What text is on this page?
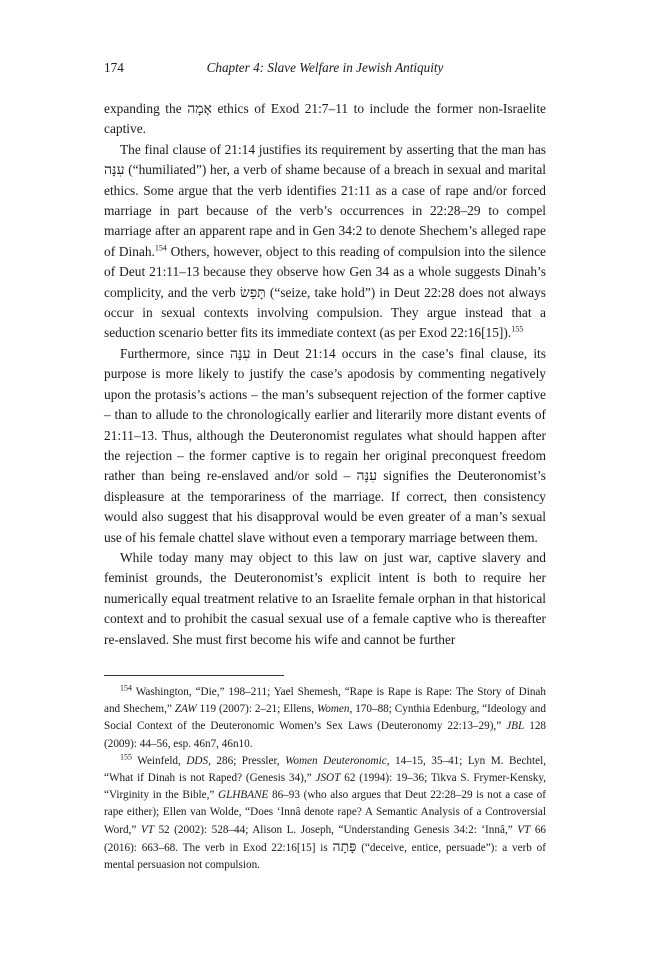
174	Chapter 4: Slave Welfare in Jewish Antiquity

expanding the אָמָה ethics of Exod 21:7–11 to include the former non-Israelite captive.

The final clause of 21:14 justifies its requirement by asserting that the man has עִנָּה (“humiliated”) her, a verb of shame because of a breach in sexual and marital ethics. Some argue that the verb identifies 21:11 as a case of rape and/or forced marriage in part because of the verb’s occurrences in 22:28–29 to compel marriage after an apparent rape and in Gen 34:2 to denote Shechem’s alleged rape of Dinah.$^{154}$ Others, however, object to this reading of compulsion into the silence of Deut 21:11–13 because they observe how Gen 34 as a whole suggests Dinah’s complicity, and the verb תָּפַשׂ (“seize, take hold”) in Deut 22:28 does not always occur in sexual contexts involving compulsion. They argue instead that a seduction scenario better fits its immediate context (as per Exod 22:16[15]).$^{155}$

Furthermore, since עִנָּה in Deut 21:14 occurs in the case’s final clause, its purpose is more likely to justify the case’s apodosis by commenting negatively upon the protasis’s actions – the man’s subsequent rejection of the former captive – than to allude to the chronologically earlier and literarily more distant events of 21:11–13. Thus, although the Deuteronomist regulates what should happen after the rejection – the former captive is to regain her original preconquest freedom rather than being re-enslaved and/or sold – עִנָּה signifies the Deuteronomist’s displeasure at the temporariness of the marriage. If correct, then consistency would also suggest that his disapproval would be even greater of a man’s sexual use of his female chattel slave without even a temporary marriage between them.

While today many may object to this law on just war, captive slavery and feminist grounds, the Deuteronomist’s explicit intent is both to require her numerically equal treatment relative to an Israelite female orphan in that historical context and to prohibit the casual sexual use of a female captive who is thereafter re-enslaved. She must first become his wife and cannot be further

$^{154}$ Washington, “Die,” 198–211; Yael Shemesh, “Rape is Rape is Rape: The Story of Dinah and Shechem,” ZAW 119 (2007): 2–21; Ellens, Women, 170–88; Cynthia Edenburg, “Ideology and Social Context of the Deuteronomic Women’s Sex Laws (Deuteronomy 22:13–29),” JBL 128 (2009): 44–56, esp. 46n7, 46n10.

$^{155}$ Weinfeld, DDS, 286; Pressler, Women Deuteronomic, 14–15, 35–41; Lyn M. Bechtel, “What if Dinah is not Raped? (Genesis 34),” JSOT 62 (1994): 19–36; Tikva S. Frymer-Kensky, “Virginity in the Bible,” GLHBANE 86–93 (who also argues that Deut 22:28–29 is not a case of rape either); Ellen van Wolde, “Does ‘Innâ denote rape? A Semantic Analysis of a Controversial Word,” VT 52 (2002): 528–44; Alison L. Joseph, “Understanding Genesis 34:2: ‘Innâ,” VT 66 (2016): 663–68. The verb in Exod 22:16[15] is פָּתָה (“deceive, entice, persuade”): a verb of mental persuasion not compulsion.
